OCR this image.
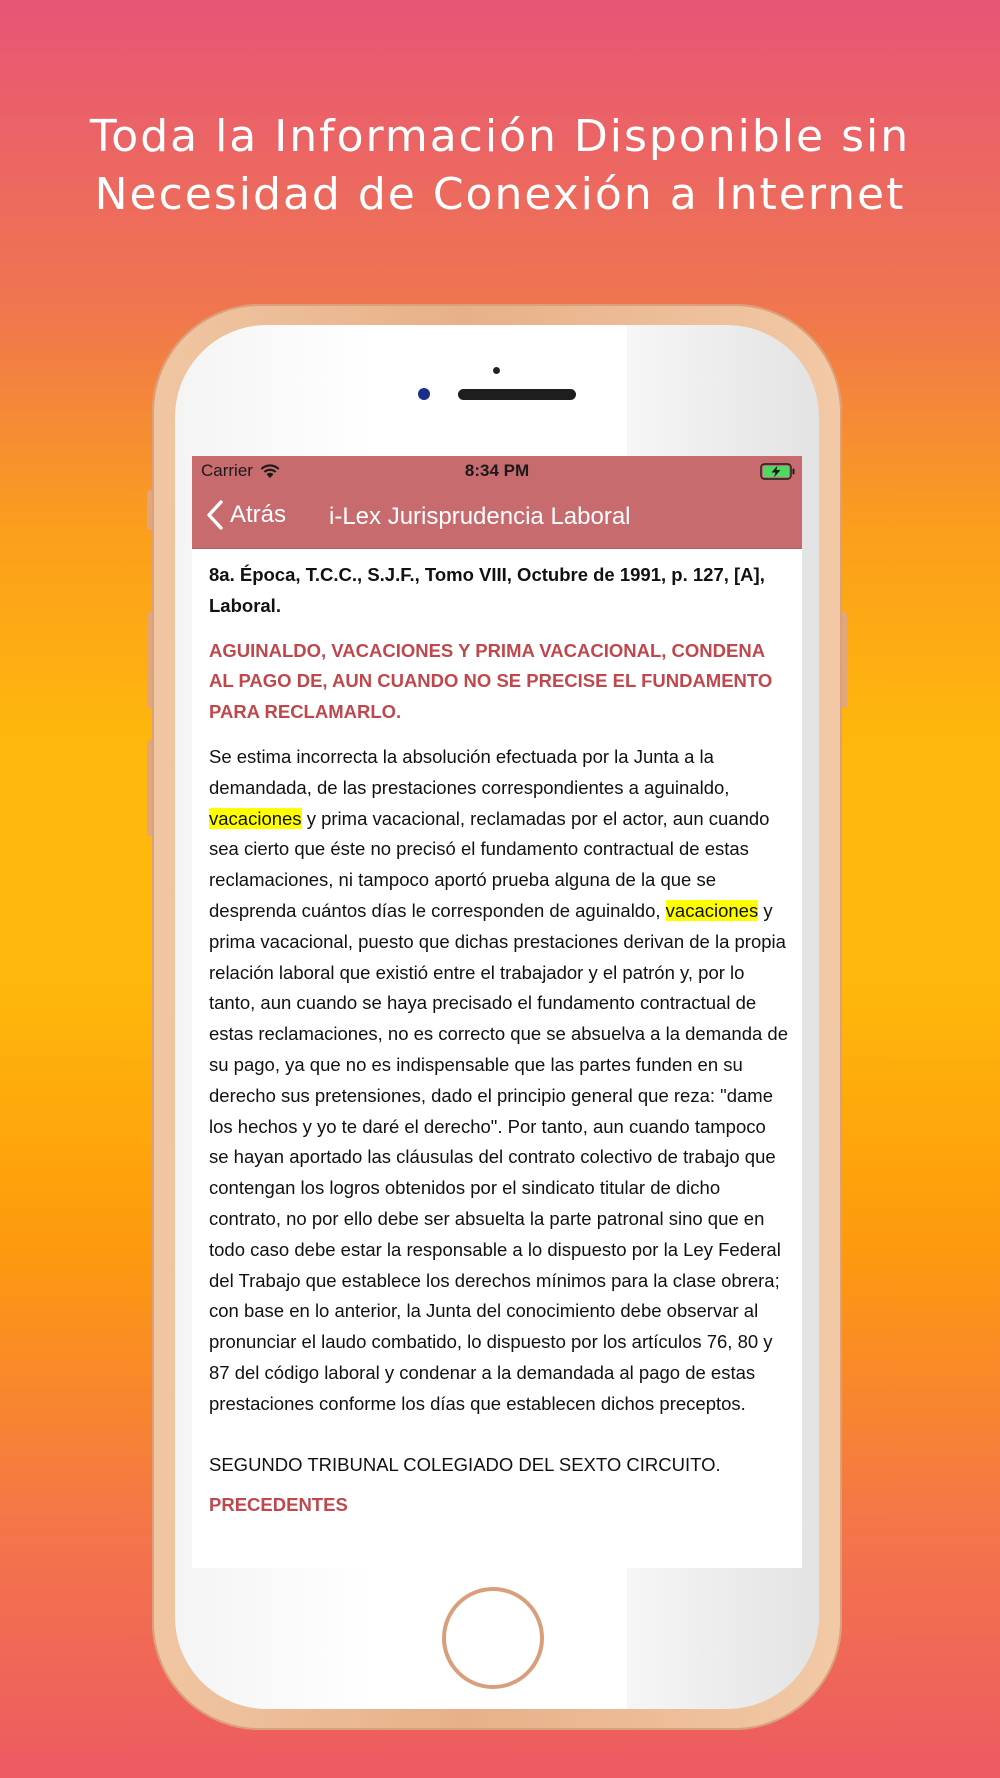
Toda la Información Disponible sin
Necesidad de Conexión a Internet
Carrier	8:34 PM
Atrás i-Lex Jurisprudencia Laboral

8a. Época, T.C.C., S.J.F., Tomo VIII, Octubre de 1991, p. 127, [A], Laboral.

AGUINALDO, VACACIONES Y PRIMA VACACIONAL, CONDENA AL PAGO DE, AUN CUANDO NO SE PRECISE EL FUNDAMENTO PARA RECLAMARLO.

Se estima incorrecta la absolución efectuada por la Junta a la demandada, de las prestaciones correspondientes a aguinaldo, vacaciones y prima vacacional, reclamadas por el actor, aun cuando sea cierto que éste no precisó el fundamento contractual de estas reclamaciones, ni tampoco aportó prueba alguna de la que se desprenda cuántos días le corresponden de aguinaldo, vacaciones y prima vacacional, puesto que dichas prestaciones derivan de la propia relación laboral que existió entre el trabajador y el patrón y, por lo tanto, aun cuando se haya precisado el fundamento contractual de estas reclamaciones, no es correcto que se absuelva a la demanda de su pago, ya que no es indispensable que las partes funden en su derecho sus pretensiones, dado el principio general que reza: "dame los hechos y yo te daré el derecho". Por tanto, aun cuando tampoco se hayan aportado las cláusulas del contrato colectivo de trabajo que contengan los logros obtenidos por el sindicato titular de dicho contrato, no por ello debe ser absuelta la parte patronal sino que en todo caso debe estar la responsable a lo dispuesto por la Ley Federal del Trabajo que establece los derechos mínimos para la clase obrera; con base en lo anterior, la Junta del conocimiento debe observar al pronunciar el laudo combatido, lo dispuesto por los artículos 76, 80 y 87 del código laboral y condenar a la demandada al pago de estas prestaciones conforme los días que establecen dichos preceptos.

SEGUNDO TRIBUNAL COLEGIADO DEL SEXTO CIRCUITO.

PRECEDENTES
